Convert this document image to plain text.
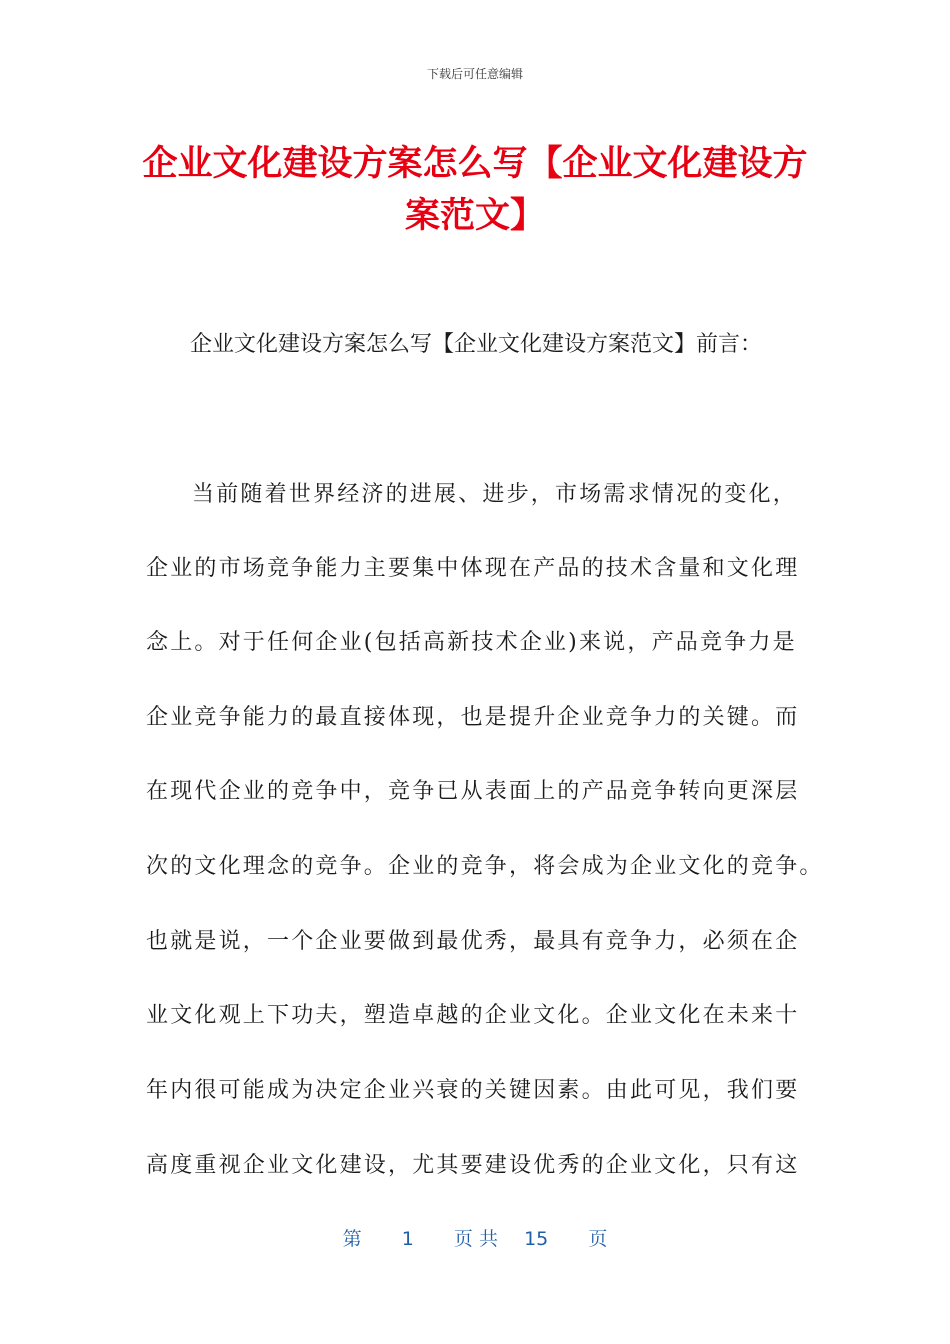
下载后可任意编辑
企业文化建设方案怎么写【企业文化建设方
案范文】
企业文化建设方案怎么写【企业文化建设方案范文】前言：
当前随着世界经济的进展、进步，市场需求情况的变化，
企业的市场竞争能力主要集中体现在产品的技术含量和文化理
念上。对于任何企业(包括高新技术企业)来说，产品竞争力是
企业竞争能力的最直接体现，也是提升企业竞争力的关键。而
在现代企业的竞争中，竞争已从表面上的产品竞争转向更深层
次的文化理念的竞争。企业的竞争，将会成为企业文化的竞争。
也就是说，一个企业要做到最优秀，最具有竞争力，必须在企
业文化观上下功夫，塑造卓越的企业文化。企业文化在未来十
年内很可能成为决定企业兴衰的关键因素。由此可见，我们要
高度重视企业文化建设，尤其要建设优秀的企业文化，只有这
第 1 页 共 15 页
